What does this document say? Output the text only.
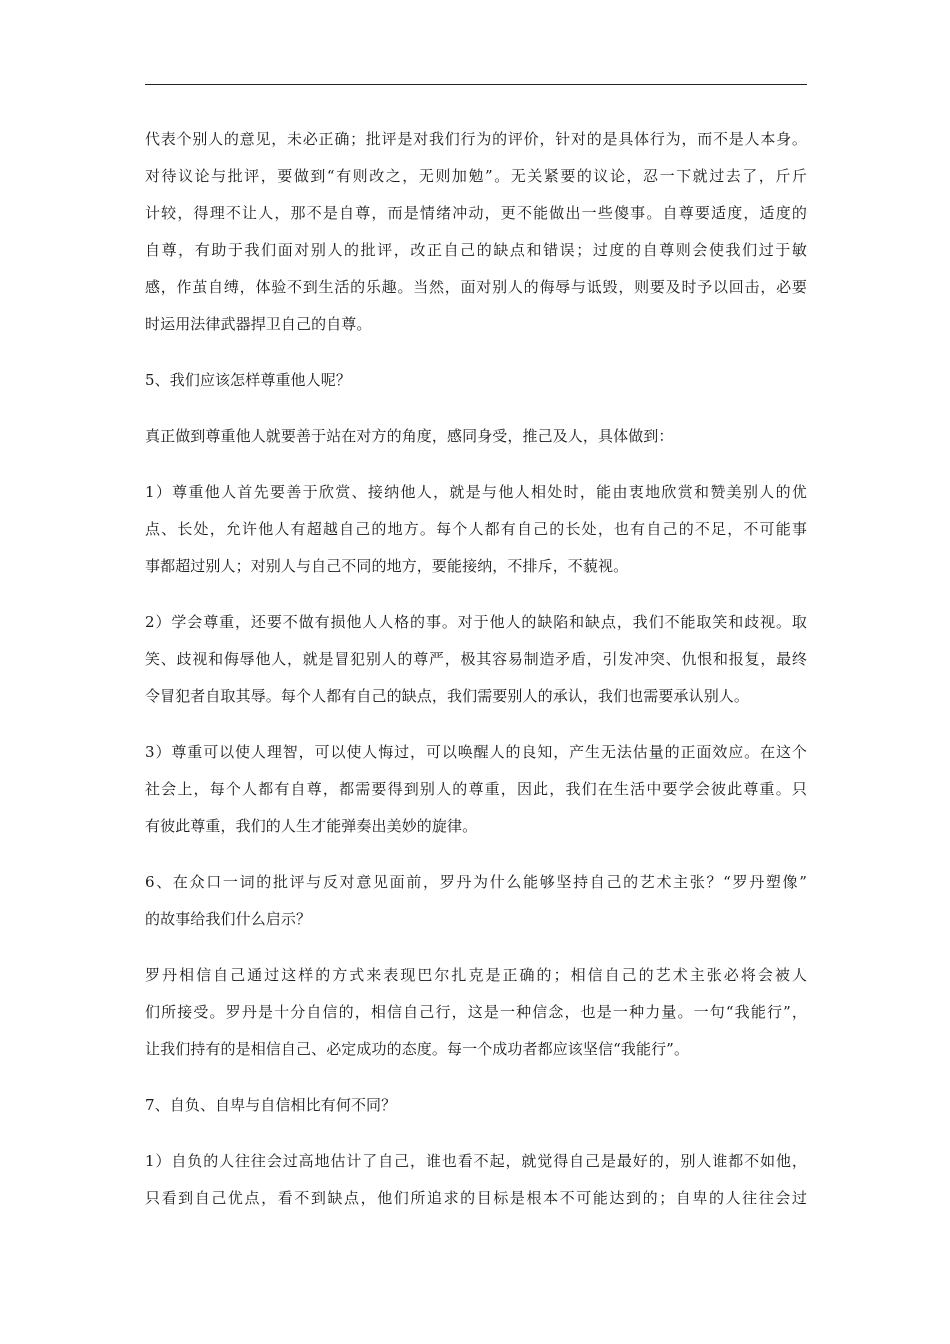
代表个别人的意见，未必正确；批评是对我们行为的评价，针对的是具体行为，而不是人本身。
对待议论与批评，要做到“有则改之，无则加勉”。无关紧要的议论，忍一下就过去了，斤斤
计较，得理不让人，那不是自尊，而是情绪冲动，更不能做出一些傻事。自尊要适度，适度的
自尊，有助于我们面对别人的批评，改正自己的缺点和错误；过度的自尊则会使我们过于敏
感，作茧自缚，体验不到生活的乐趣。当然，面对别人的侮辱与诋毁，则要及时予以回击，必要
时运用法律武器捍卫自己的自尊。
5、我们应该怎样尊重他人呢？
真正做到尊重他人就要善于站在对方的角度，感同身受，推己及人，具体做到：
1）尊重他人首先要善于欣赏、接纳他人，就是与他人相处时，能由衷地欣赏和赞美别人的优
点、长处，允许他人有超越自己的地方。每个人都有自己的长处，也有自己的不足，不可能事
事都超过别人；对别人与自己不同的地方，要能接纳，不排斥，不藐视。
2）学会尊重，还要不做有损他人人格的事。对于他人的缺陷和缺点，我们不能取笑和歧视。取
笑、歧视和侮辱他人，就是冒犯别人的尊严，极其容易制造矛盾，引发冲突、仇恨和报复，最终
令冒犯者自取其辱。每个人都有自己的缺点，我们需要别人的承认，我们也需要承认别人。
3）尊重可以使人理智，可以使人悔过，可以唤醒人的良知，产生无法估量的正面效应。在这个
社会上，每个人都有自尊，都需要得到别人的尊重，因此，我们在生活中要学会彼此尊重。只
有彼此尊重，我们的人生才能弹奏出美妙的旋律。
6、在众口一词的批评与反对意见面前，罗丹为什么能够坚持自己的艺术主张？“罗丹塑像”
的故事给我们什么启示？
罗丹相信自己通过这样的方式来表现巴尔扎克是正确的；相信自己的艺术主张必将会被人
们所接受。罗丹是十分自信的，相信自己行，这是一种信念，也是一种力量。一句“我能行”，
让我们持有的是相信自己、必定成功的态度。每一个成功者都应该坚信“我能行”。
7、自负、自卑与自信相比有何不同？
1）自负的人往往会过高地估计了自己，谁也看不起，就觉得自己是最好的，别人谁都不如他，
只看到自己优点，看不到缺点，他们所追求的目标是根本不可能达到的；自卑的人往往会过
